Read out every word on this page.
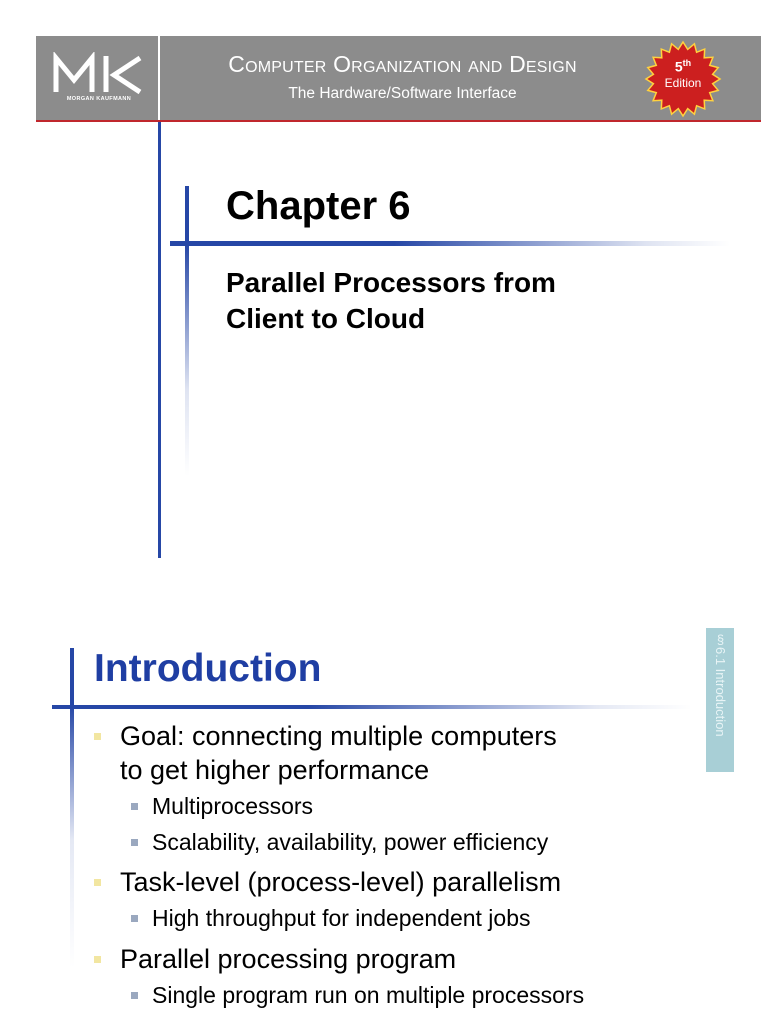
MORGAN KAUFMANN
Computer Organization and Design
The Hardware/Software Interface
5th
Edition
Chapter 6
Parallel Processors from
Client to Cloud
Introduction	§6.1 Introduction
Goal: connecting multiple computers
to get higher performance
Multiprocessors
Scalability, availability, power efficiency
Task-level (process-level) parallelism
High throughput for independent jobs
Parallel processing program
Single program run on multiple processors
